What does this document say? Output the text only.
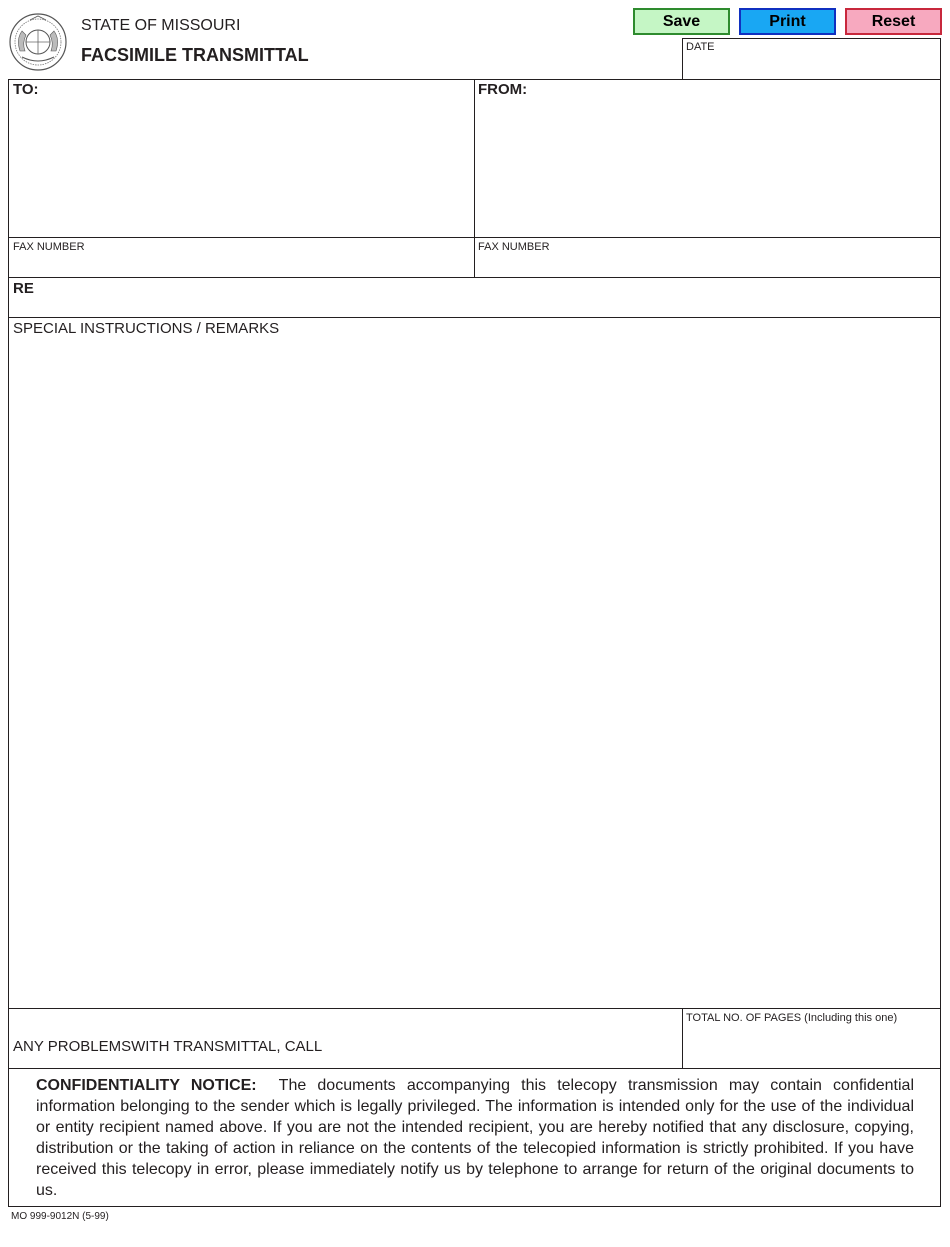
STATE OF MISSOURI
FACSIMILE TRANSMITTAL
Save	Print	Reset
DATE
TO:	FROM:
FAX NUMBER	FAX NUMBER
RE
SPECIAL INSTRUCTIONS / REMARKS
ANY PROBLEMSWITH TRANSMITTAL, CALL
TOTAL NO. OF PAGES (Including this one)
CONFIDENTIALITY NOTICE: The documents accompanying this telecopy transmission may contain confidential information belonging to the sender which is legally privileged. The information is intended only for the use of the individual or entity recipient named above. If you are not the intended recipient, you are hereby notified that any disclosure, copying, distribution or the taking of action in reliance on the contents of the telecopied information is strictly prohibited. If you have received this telecopy in error, please immediately notify us by telephone to arrange for return of the original documents to us.
MO 999-9012N (5-99)
